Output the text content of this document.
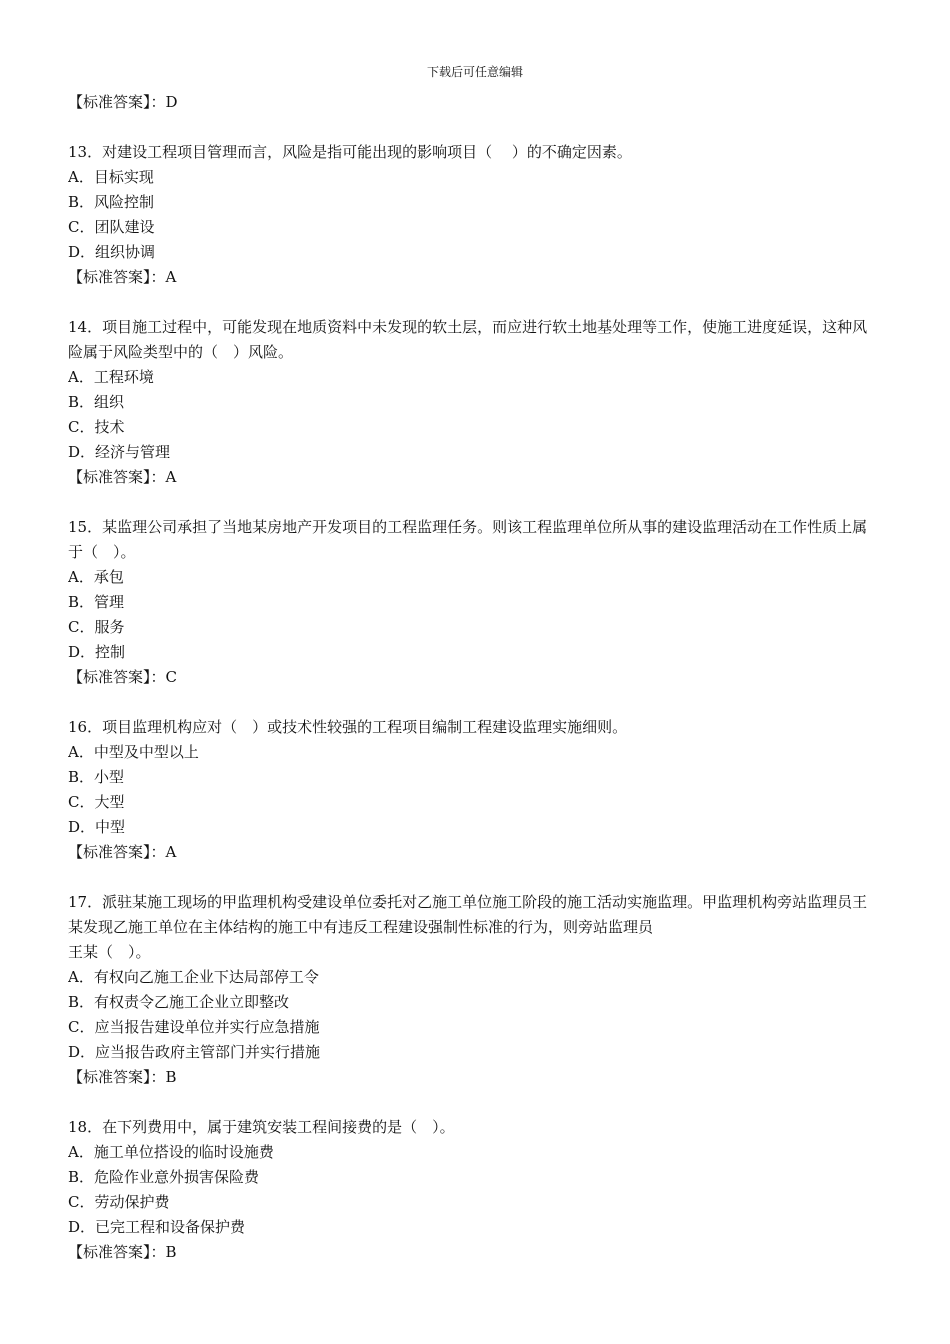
下载后可任意编辑
【标准答案】：D
13．对建设工程项目管理而言，风险是指可能出现的影响项目（　 ）的不确定因素。
A．目标实现
B．风险控制
C．团队建设
D．组织协调
【标准答案】：A
14．项目施工过程中，可能发现在地质资料中未发现的软土层，而应进行软土地基处理等工作，使施工进度延误，这种风险属于风险类型中的（　）风险。
A．工程环境
B．组织
C．技术
D．经济与管理
【标准答案】：A
15．某监理公司承担了当地某房地产开发项目的工程监理任务。则该工程监理单位所从事的建设监理活动在工作性质上属于（　）。
A．承包
B．管理
C．服务
D．控制
【标准答案】：C
16．项目监理机构应对（　）或技术性较强的工程项目编制工程建设监理实施细则。
A．中型及中型以上
B．小型
C．大型
D．中型
【标准答案】：A
17．派驻某施工现场的甲监理机构受建设单位委托对乙施工单位施工阶段的施工活动实施监理。甲监理机构旁站监理员王某发现乙施工单位在主体结构的施工中有违反工程建设强制性标准的行为，则旁站监理员
王某（　）。
A．有权向乙施工企业下达局部停工令
B．有权责令乙施工企业立即整改
C．应当报告建设单位并实行应急措施
D．应当报告政府主管部门并实行措施
【标准答案】：B
18．在下列费用中，属于建筑安装工程间接费的是（　）。
A．施工单位搭设的临时设施费
B．危险作业意外损害保险费
C．劳动保护费
D．已完工程和设备保护费
【标准答案】：B
